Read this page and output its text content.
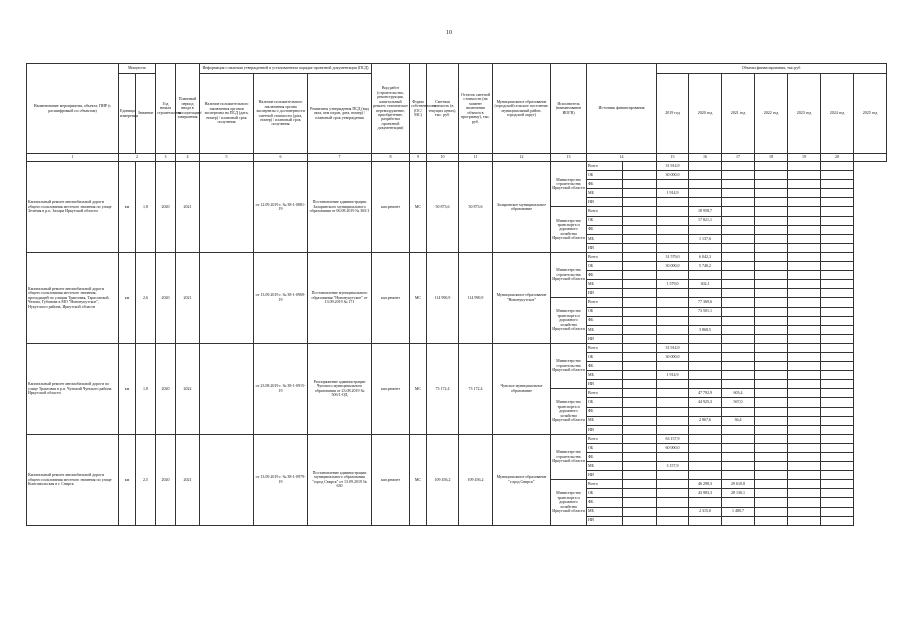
10
Наименование мероприятия, объекта, ПИР (с расшифровкой по объектам)	Мощность		Год начала строительства	Плановый период ввода в эксплуатацию/завершения	Информация о наличии утвержденной в установленном порядке проектной документации (ПСД)			Вид работ (строительство, реконструкция, капитальный ремонт, техническое перевооружение, приобретение, разработка проектной документации)	Форма собственности (ОС/МС)	Сметная стоимость (в текущих ценах), тыс. руб.	Остаток сметной стоимости (на момент включения объекта в программу), тыс. руб.	Муниципальное образование (городской/сельское поселение, муниципальный район, городской округ)	Исполнитель (наименование ИОГВ)	Источник финансирования		Объемы финансирования, тыс.руб.						
	Единица измерения	Значение			Наличие положительного заключения органов экспертизы на ПСД (дата, номер) / плановый срок получения	Наличие положительного заключения органа экспертизы о достоверности сметной стоимости (дата, номер) / плановый срок получения	Реквизиты утверждения ПСД (вид акта, кем издан, дата, номер) / плановый срок утверждения									2019 год	2020 год	2021 год	2022 год	2023 год	2024 год	2025 год
1	2		3	4	5	6	7	8	9	10	11	12	13	14		15	16	17	18	19	20	
Капитальный ремонт автомобильной дороги общего пользования местного значения по улице Зеленая в р.п. Залари Иркутской области	км	1,8	2020	2021		от 12.09.2019 г. № 38-1-0881-19	Постановление администрации Заларинского муниципального образования от 06.08.2019 № 365/1	кап.ремонт	МС	50 873,6	50 873,6	Заларинское муниципальное образование	Министерство строительства Иркутской области	Всего		31 914,9						
														ОБ		30 000,0						
														ФБ								
														МБ		1 914,9						
														ИИ								
													Министерство транспорта и дорожного хозяйства Иркутской области	Всего			18 958,7					
														ОБ			17 821,1					
														ФБ								
														МБ			1 137,6					
														ИИ								
Капитальный ремонт автомобильной дороги общего пользования местного значения, проходящей по улицам Трактовая, Тарасовской, Чехова, Губанова в МО "Новонукутское", Нукутского района, Иркутской области	км	2,6	2020	2021		от 13.09.2019 г. № 38-1-0969-19	Постановление муниципального образования "Новонукутское" от 13.09.2019 № 171	кап.ремонт	МС	114 990,9	114 990,9	Муниципальное образование "Новонукутское"	Министерство строительства Иркутской области	Всего		31 579,0	6 042,3					
														ОБ		30 000,0	5 740,2					
														ФБ								
														МБ		1 579,0	302,1					
														ИИ								
													Министерство транспорта и дорожного хозяйства Иркутской области	Всего			77 369,6					
														ОБ			73 501,1					
														ФБ								
														МБ			3 868,5					
														ИИ								
Капитальный ремонт автомобильной дороги по улице Трактовая в р.п. Чунский Чунского района Иркутской области	км	1,8	2020	2022		от 23.08.2019 г. № 38-1-0915-19	Распоряжение администрации Чунского муниципального образования от 23.08.2019 № 50б/1-ОД	кап.ремонт	МС	73 172,4	73 172,4	Чунское муниципальное образование	Министерство строительства Иркутской области	Всего		31 914,9						
														ОБ		30 000,0						
														ФБ								
														МБ		1 914,9						
														ИИ								
													Министерство транспорта и дорожного хозяйства Иркутской области	Всего			47 792,9	603,4				
														ОБ			44 925,3	567,0				
														ФБ								
														МБ			2 867,6	36,4				
														ИИ								
Капитальный ремонт автомобильной дороги общего пользования местного значения по улице Комсомольская в г. Свирск	км	2,5	2020	2021		от 13.09.2019 г. № 38-1-0979-19	Постановление администрации муниципального образования "город Свирск" от 13.09.2019 № 630	кап.ремонт	МС	109 456,2	109 456,2	Муниципальное образование "город Свирск"	Министерство строительства Иркутской области	Всего		63 157,9						
														ОБ		60 000,0						
														ФБ								
														МБ		3 157,9						
														ИИ								
													Министерство транспорта и дорожного хозяйства Иркутской области	Всего			46 298,3	29 610,8				
														ОБ			43 983,3	28 130,1				
														ФБ								
														МБ			2 315,0	1 480,7				
														ИИ								
